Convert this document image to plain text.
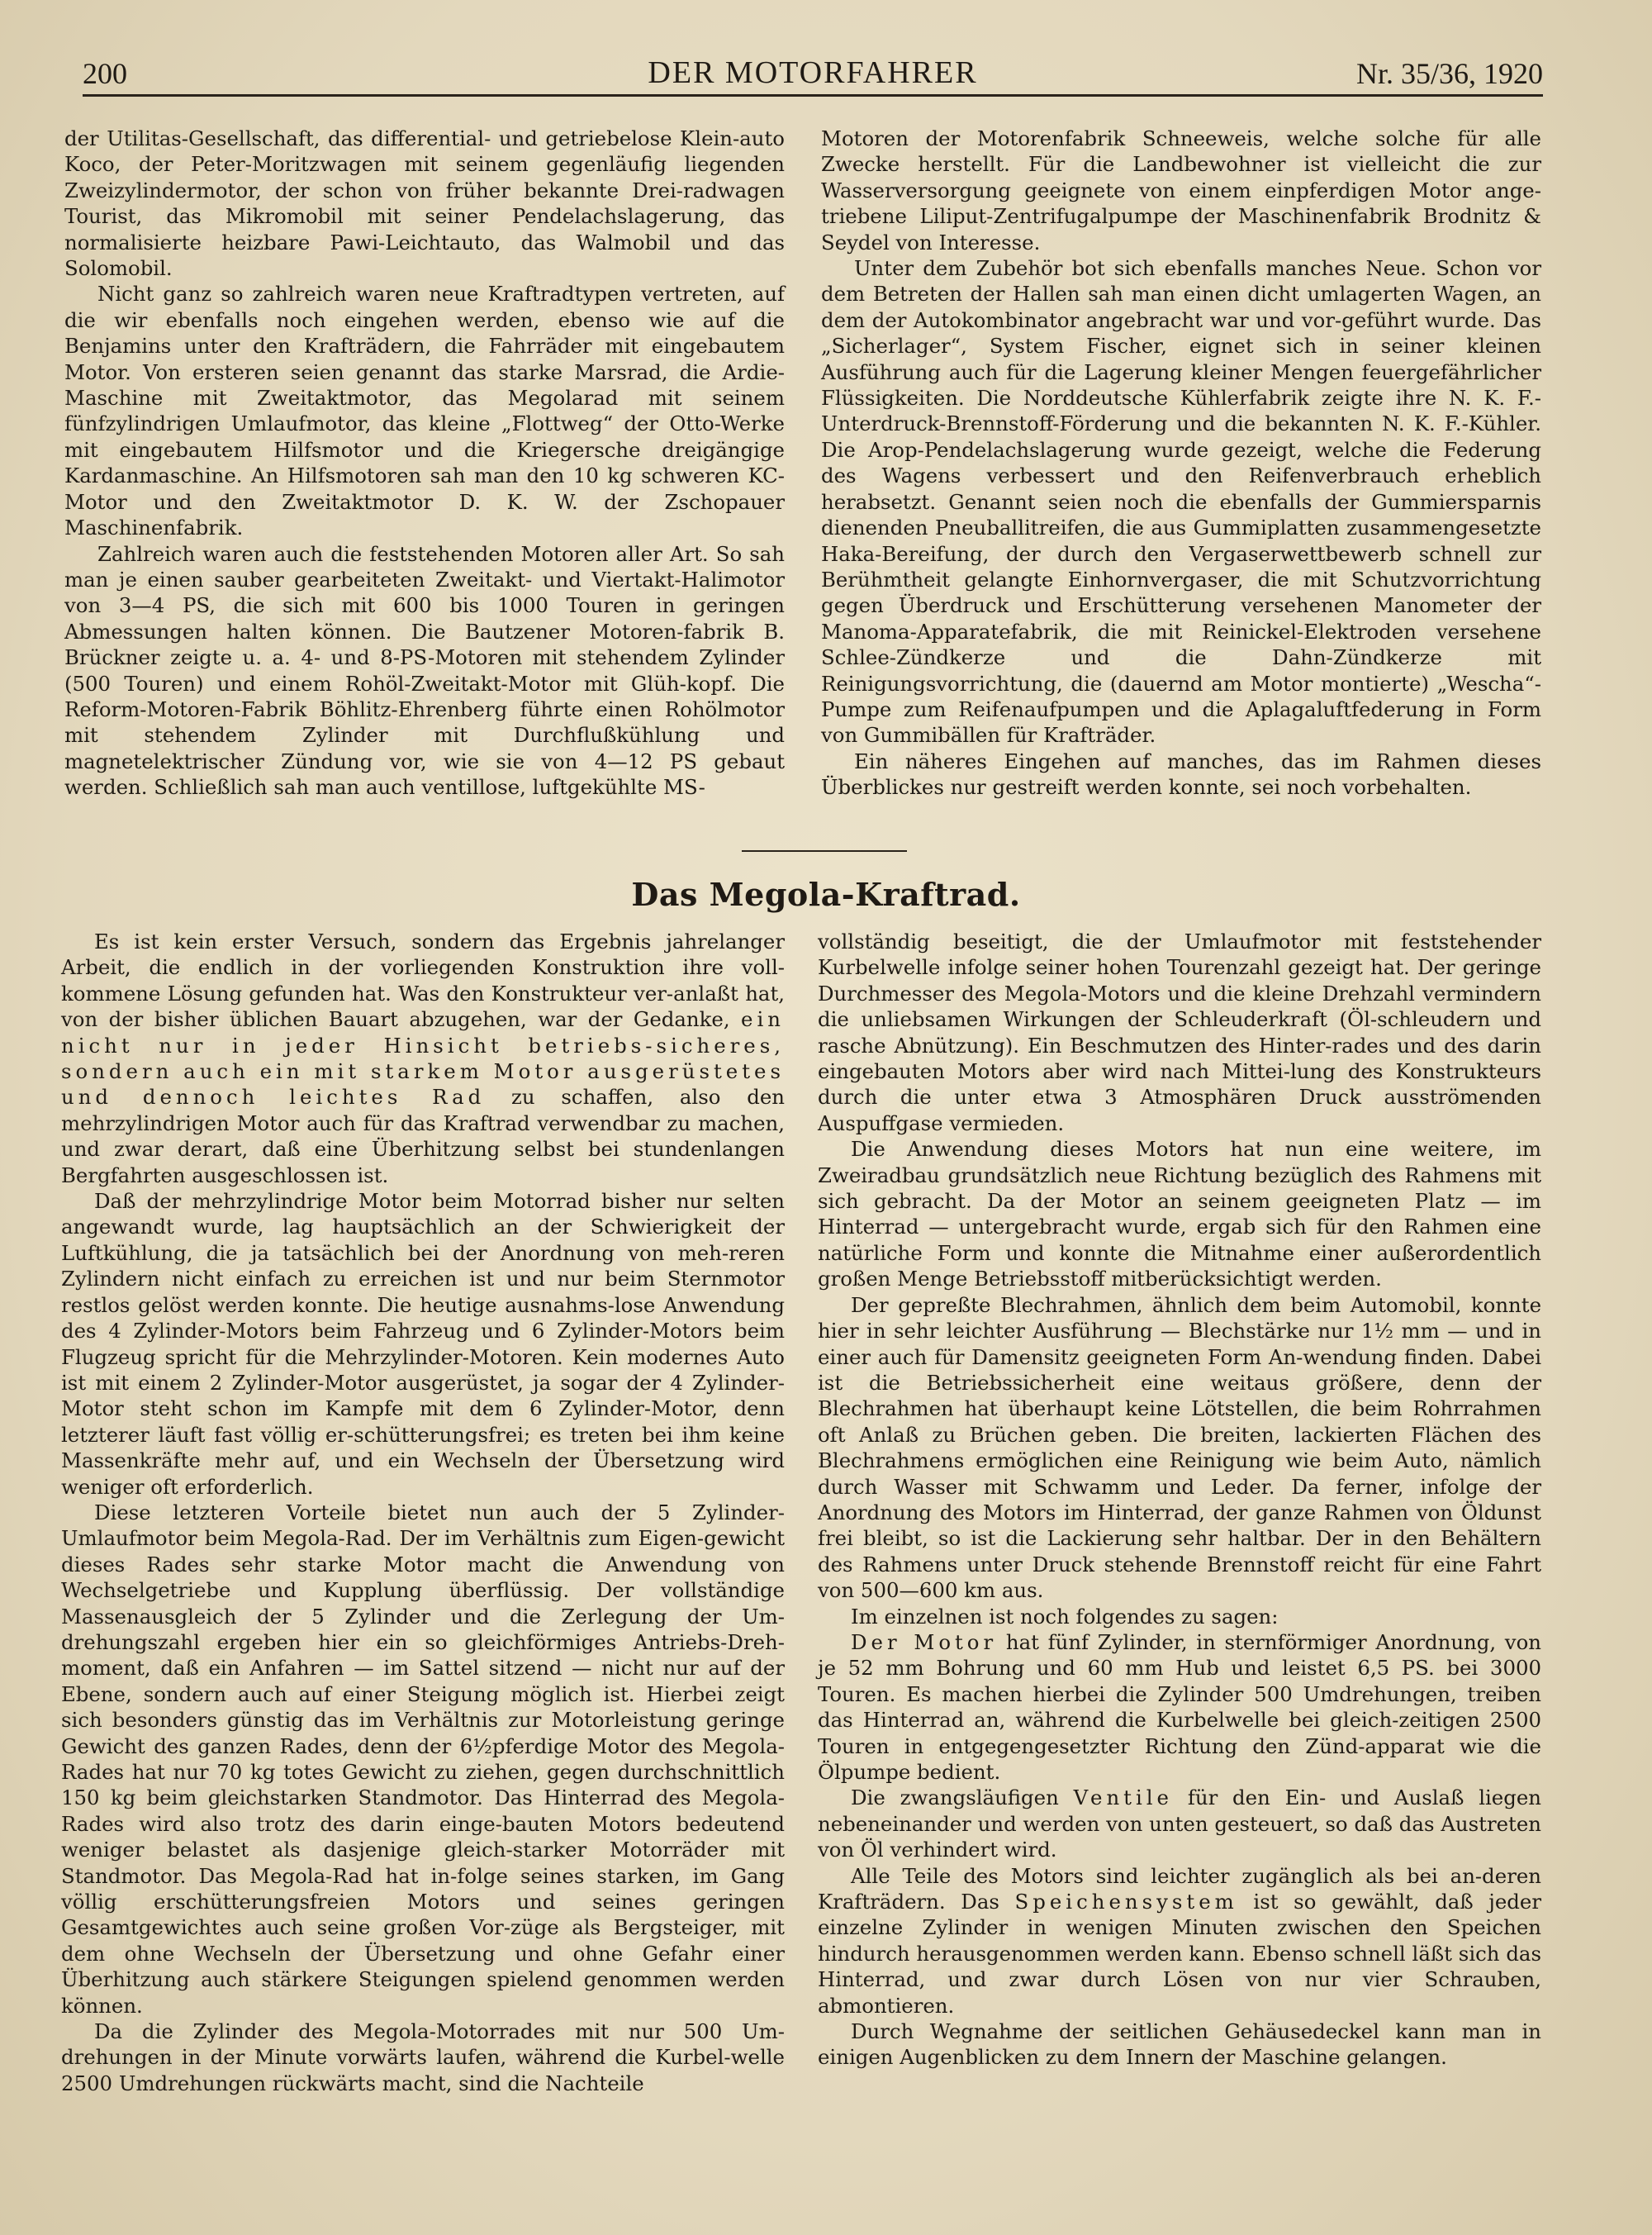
200	DER MOTORFAHRER	Nr. 35/36, 1920

der Utilitas-Gesellschaft, das differential- und getriebelose Klein-auto Koco, der Peter-Moritzwagen mit seinem gegenläufig liegenden Zweizylindermotor, der schon von früher bekannte Drei-radwagen Tourist, das Mikromobil mit seiner Pendelachslagerung, das normalisierte heizbare Pawi-Leichtauto, das Walmobil und das Solomobil.

Nicht ganz so zahlreich waren neue Kraftradtypen vertreten, auf die wir ebenfalls noch eingehen werden, ebenso wie auf die Benjamins unter den Krafträdern, die Fahrräder mit eingebautem Motor. Von ersteren seien genannt das starke Marsrad, die Ardie-Maschine mit Zweitaktmotor, das Megolarad mit seinem fünfzylindrigen Umlaufmotor, das kleine „Flottweg“ der Otto-Werke mit eingebautem Hilfsmotor und die Kriegersche dreigängige Kardanmaschine. An Hilfsmotoren sah man den 10 kg schweren KC-Motor und den Zweitaktmotor D. K. W. der Zschopauer Maschinenfabrik.

Zahlreich waren auch die feststehenden Motoren aller Art. So sah man je einen sauber gearbeiteten Zweitakt- und Viertakt-Halimotor von 3—4 PS, die sich mit 600 bis 1000 Touren in geringen Abmessungen halten können. Die Bautzener Motoren-fabrik B. Brückner zeigte u. a. 4- und 8-PS-Motoren mit stehendem Zylinder (500 Touren) und einem Rohöl-Zweitakt-Motor mit Glüh-kopf. Die Reform-Motoren-Fabrik Böhlitz-Ehrenberg führte einen Rohölmotor mit stehendem Zylinder mit Durchflußkühlung und magnetelektrischer Zündung vor, wie sie von 4—12 PS gebaut werden. Schließlich sah man auch ventillose, luftgekühlte MS-

Motoren der Motorenfabrik Schneeweis, welche solche für alle Zwecke herstellt. Für die Landbewohner ist vielleicht die zur Wasserversorgung geeignete von einem einpferdigen Motor ange-triebene Liliput-Zentrifugalpumpe der Maschinenfabrik Brodnitz & Seydel von Interesse.

Unter dem Zubehör bot sich ebenfalls manches Neue. Schon vor dem Betreten der Hallen sah man einen dicht umlagerten Wagen, an dem der Autokombinator angebracht war und vor-geführt wurde. Das „Sicherlager“, System Fischer, eignet sich in seiner kleinen Ausführung auch für die Lagerung kleiner Mengen feuergefährlicher Flüssigkeiten. Die Norddeutsche Kühlerfabrik zeigte ihre N. K. F.-Unterdruck-Brennstoff-Förderung und die bekannten N. K. F.-Kühler. Die Arop-Pendelachslagerung wurde gezeigt, welche die Federung des Wagens verbessert und den Reifenverbrauch erheblich herabsetzt. Genannt seien noch die ebenfalls der Gummiersparnis dienenden Pneuballitreifen, die aus Gummiplatten zusammengesetzte Haka-Bereifung, der durch den Vergaserwettbewerb schnell zur Berühmtheit gelangte Einhornvergaser, die mit Schutzvorrichtung gegen Überdruck und Erschütterung versehenen Manometer der Manoma-Apparatefabrik, die mit Reinickel-Elektroden versehene Schlee-Zündkerze und die Dahn-Zündkerze mit Reinigungsvorrichtung, die (dauernd am Motor montierte) „Wescha“-Pumpe zum Reifenaufpumpen und die Aplagaluftfederung in Form von Gummibällen für Krafträder.

Ein näheres Eingehen auf manches, das im Rahmen dieses Überblickes nur gestreift werden konnte, sei noch vorbehalten.

Das Megola-Kraftrad.

Es ist kein erster Versuch, sondern das Ergebnis jahrelanger Arbeit, die endlich in der vorliegenden Konstruktion ihre voll-kommene Lösung gefunden hat. Was den Konstrukteur ver-anlaßt hat, von der bisher üblichen Bauart abzugehen, war der Gedanke, ein nicht nur in jeder Hinsicht betriebs-sicheres, sondern auch ein mit starkem Motor ausgerüstetes und dennoch leichtes Rad zu schaffen, also den mehrzylindrigen Motor auch für das Kraftrad verwendbar zu machen, und zwar derart, daß eine Überhitzung selbst bei stundenlangen Bergfahrten ausgeschlossen ist.

Daß der mehrzylindrige Motor beim Motorrad bisher nur selten angewandt wurde, lag hauptsächlich an der Schwierigkeit der Luftkühlung, die ja tatsächlich bei der Anordnung von meh-reren Zylindern nicht einfach zu erreichen ist und nur beim Sternmotor restlos gelöst werden konnte. Die heutige ausnahms-lose Anwendung des 4 Zylinder-Motors beim Fahrzeug und 6 Zylinder-Motors beim Flugzeug spricht für die Mehrzylinder-Motoren. Kein modernes Auto ist mit einem 2 Zylinder-Motor ausgerüstet, ja sogar der 4 Zylinder-Motor steht schon im Kampfe mit dem 6 Zylinder-Motor, denn letzterer läuft fast völlig er-schütterungsfrei; es treten bei ihm keine Massenkräfte mehr auf, und ein Wechseln der Übersetzung wird weniger oft erforderlich.

Diese letzteren Vorteile bietet nun auch der 5 Zylinder-Umlaufmotor beim Megola-Rad. Der im Verhältnis zum Eigen-gewicht dieses Rades sehr starke Motor macht die Anwendung von Wechselgetriebe und Kupplung überflüssig. Der vollständige Massenausgleich der 5 Zylinder und die Zerlegung der Um-drehungszahl ergeben hier ein so gleichförmiges Antriebs-Dreh-moment, daß ein Anfahren — im Sattel sitzend — nicht nur auf der Ebene, sondern auch auf einer Steigung möglich ist. Hierbei zeigt sich besonders günstig das im Verhältnis zur Motorleistung geringe Gewicht des ganzen Rades, denn der 6½pferdige Motor des Megola-Rades hat nur 70 kg totes Gewicht zu ziehen, gegen durchschnittlich 150 kg beim gleichstarken Standmotor. Das Hinterrad des Megola-Rades wird also trotz des darin einge-bauten Motors bedeutend weniger belastet als dasjenige gleich-starker Motorräder mit Standmotor. Das Megola-Rad hat in-folge seines starken, im Gang völlig erschütterungsfreien Motors und seines geringen Gesamtgewichtes auch seine großen Vor-züge als Bergsteiger, mit dem ohne Wechseln der Übersetzung und ohne Gefahr einer Überhitzung auch stärkere Steigungen spielend genommen werden können.

Da die Zylinder des Megola-Motorrades mit nur 500 Um-drehungen in der Minute vorwärts laufen, während die Kurbel-welle 2500 Umdrehungen rückwärts macht, sind die Nachteile

vollständig beseitigt, die der Umlaufmotor mit feststehender Kurbelwelle infolge seiner hohen Tourenzahl gezeigt hat. Der geringe Durchmesser des Megola-Motors und die kleine Drehzahl vermindern die unliebsamen Wirkungen der Schleuderkraft (Öl-schleudern und rasche Abnützung). Ein Beschmutzen des Hinter-rades und des darin eingebauten Motors aber wird nach Mittei-lung des Konstrukteurs durch die unter etwa 3 Atmosphären Druck ausströmenden Auspuffgase vermieden.

Die Anwendung dieses Motors hat nun eine weitere, im Zweiradbau grundsätzlich neue Richtung bezüglich des Rahmens mit sich gebracht. Da der Motor an seinem geeigneten Platz — im Hinterrad — untergebracht wurde, ergab sich für den Rahmen eine natürliche Form und konnte die Mitnahme einer außerordentlich großen Menge Betriebsstoff mitberücksichtigt werden.

Der gepreßte Blechrahmen, ähnlich dem beim Automobil, konnte hier in sehr leichter Ausführung — Blechstärke nur 1½ mm — und in einer auch für Damensitz geeigneten Form An-wendung finden. Dabei ist die Betriebssicherheit eine weitaus größere, denn der Blechrahmen hat überhaupt keine Lötstellen, die beim Rohrrahmen oft Anlaß zu Brüchen geben. Die breiten, lackierten Flächen des Blechrahmens ermöglichen eine Reinigung wie beim Auto, nämlich durch Wasser mit Schwamm und Leder. Da ferner, infolge der Anordnung des Motors im Hinterrad, der ganze Rahmen von Öldunst frei bleibt, so ist die Lackierung sehr haltbar. Der in den Behältern des Rahmens unter Druck stehende Brennstoff reicht für eine Fahrt von 500—600 km aus.

Im einzelnen ist noch folgendes zu sagen:

Der Motor hat fünf Zylinder, in sternförmiger Anordnung, von je 52 mm Bohrung und 60 mm Hub und leistet 6,5 PS. bei 3000 Touren. Es machen hierbei die Zylinder 500 Umdrehungen, treiben das Hinterrad an, während die Kurbelwelle bei gleich-zeitigen 2500 Touren in entgegengesetzter Richtung den Zünd-apparat wie die Ölpumpe bedient.

Die zwangsläufigen Ventile für den Ein- und Auslaß liegen nebeneinander und werden von unten gesteuert, so daß das Austreten von Öl verhindert wird.

Alle Teile des Motors sind leichter zugänglich als bei an-deren Krafträdern. Das Speichensystem ist so gewählt, daß jeder einzelne Zylinder in wenigen Minuten zwischen den Speichen hindurch herausgenommen werden kann. Ebenso schnell läßt sich das Hinterrad, und zwar durch Lösen von nur vier Schrauben, abmontieren.

Durch Wegnahme der seitlichen Gehäusedeckel kann man in einigen Augenblicken zu dem Innern der Maschine gelangen.
